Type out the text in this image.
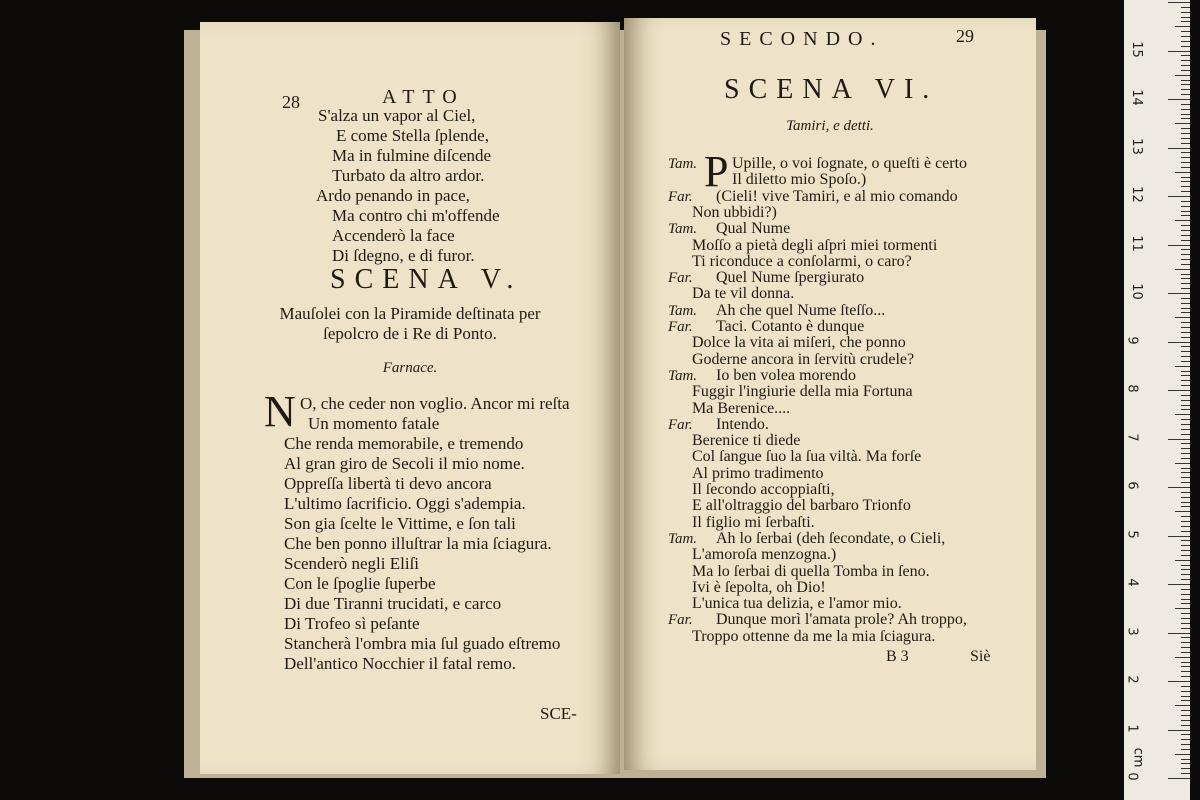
28	ATTO
S'alza un vapor al Ciel,
E come Stella ſplende,
Ma in fulmine diſcende
Turbato da altro ardor.
Ardo penando in pace,
Ma contro chi m'offende
Accenderò la face
Di ſdegno, e di furor.
SCENA V.
Mauſolei con la Piramide deſtinata per
ſepolcro de i Re di Ponto.
Farnace.
N O, che ceder non voglio. Ancor mi reſta
Un momento fatale
Che renda memorabile, e tremendo
Al gran giro de Secoli il mio nome.
Oppreſſa libertà ti devo ancora
L'ultimo ſacrificio. Oggi s'adempia.
Son gia ſcelte le Vittime, e ſon tali
Che ben ponno illuſtrar la mia ſciagura.
Scenderò negli Eliſi
Con le ſpoglie ſuperbe
Di due Tiranni trucidati, e carco
Di Trofeo sì peſante
Stancherà l'ombra mia ſul guado eſtremo
Dell'antico Nocchier il fatal remo.
SCE-
SECONDO.	29
SCENA VI.
Tamiri, e detti.
P
Tam. Upille, o voi ſognate, o queſti è certo
Il diletto mio Spoſo.)
Far. (Cieli! vive Tamiri, e al mio comando
Non ubbidi?)
Tam. Qual Nume
Moſſo a pietà degli aſpri miei tormenti
Ti riconduce a conſolarmi, o caro?
Far. Quel Nume ſpergiurato
Da te vil donna.
Tam. Ah che quel Nume ſteſſo...
Far. Taci. Cotanto è dunque
Dolce la vita ai miſeri, che ponno
Goderne ancora in ſervitù crudele?
Tam. Io ben volea morendo
Fuggir l'ingiurie della mia Fortuna
Ma Berenice....
Far. Intendo.
Berenice ti diede
Col ſangue ſuo la ſua viltà. Ma forſe
Al primo tradimento
Il ſecondo accoppiaſti,
E all'oltraggio del barbaro Trionfo
Il figlio mi ſerbaſti.
Tam. Ah lo ſerbai (deh ſecondate, o Cieli,
L'amoroſa menzogna.)
Ma lo ſerbai di quella Tomba in ſeno.
Ivi è ſepolta, oh Dio!
L'unica tua delizia, e l'amor mio.
Far. Dunque morì l'amata prole? Ah troppo,
Troppo ottenne da me la mia ſciagura.
B 3	Siè
0
1
2
3
4
5
6
7
8
9
10
11
12
13
14
15
cm
